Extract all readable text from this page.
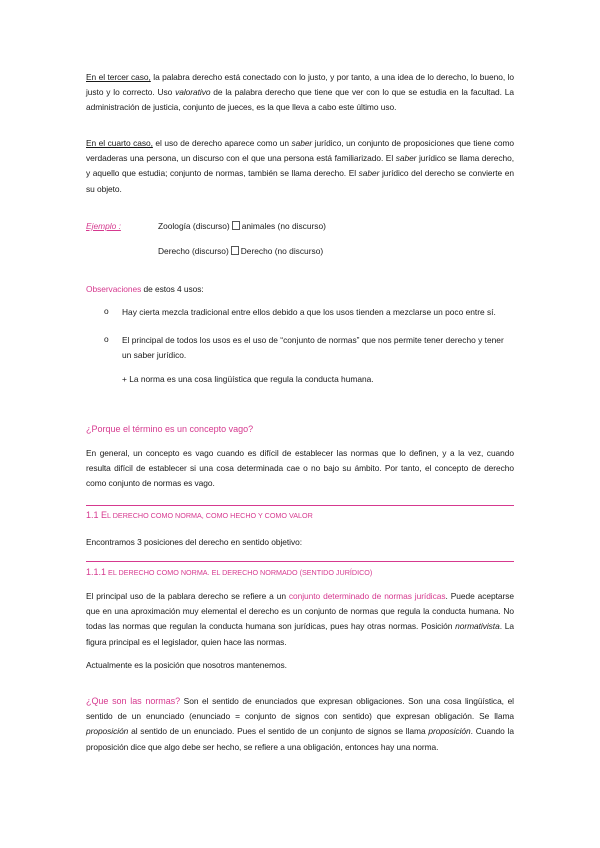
En el tercer caso, la palabra derecho está conectado con lo justo, y por tanto, a una idea de lo derecho, lo bueno, lo justo y lo correcto. Uso valorativo de la palabra derecho que tiene que ver con lo que se estudia en la facultad. La administración de justicia, conjunto de jueces, es la que lleva a cabo este último uso.
En el cuarto caso, el uso de derecho aparece como un saber jurídico, un conjunto de proposiciones que tiene como verdaderas una persona, un discurso con el que una persona está familiarizado. El saber jurídico se llama derecho, y aquello que estudia; conjunto de normas, también se llama derecho. El saber jurídico del derecho se convierte en su objeto.
Ejemplo :	Zoología (discurso) animales (no discurso)
Derecho (discurso) Derecho (no discurso)
Observaciones de estos 4 usos:
o Hay cierta mezcla tradicional entre ellos debido a que los usos tienden a mezclarse un poco entre sí.
o El principal de todos los usos es el uso de “conjunto de normas” que nos permite tener derecho y tener un saber jurídico.
+ La norma es una cosa lingüística que regula la conducta humana.
¿Porque el término es un concepto vago?
En general, un concepto es vago cuando es difícil de establecer las normas que lo definen, y a la vez, cuando resulta difícil de establecer si una cosa determinada cae o no bajo su ámbito. Por tanto, el concepto de derecho como conjunto de normas es vago.
1.1 EL DERECHO COMO NORMA, COMO HECHO Y COMO VALOR
Encontramos 3 posiciones del derecho en sentido objetivo:
1.1.1 EL DERECHO COMO NORMA. EL DERECHO NORMADO (SENTIDO JURÍDICO)
El principal uso de la pablara derecho se refiere a un conjunto determinado de normas jurídicas. Puede aceptarse que en una aproximación muy elemental el derecho es un conjunto de normas que regula la conducta humana. No todas las normas que regulan la conducta humana son jurídicas, pues hay otras normas. Posición normativista. La figura principal es el legislador, quien hace las normas.
Actualmente es la posición que nosotros mantenemos.
¿Que son las normas? Son el sentido de enunciados que expresan obligaciones. Son una cosa lingüística, el sentido de un enunciado (enunciado = conjunto de signos con sentido) que expresan obligación. Se llama proposición al sentido de un enunciado. Pues el sentido de un conjunto de signos se llama proposición. Cuando la proposición dice que algo debe ser hecho, se refiere a una obligación, entonces hay una norma.
